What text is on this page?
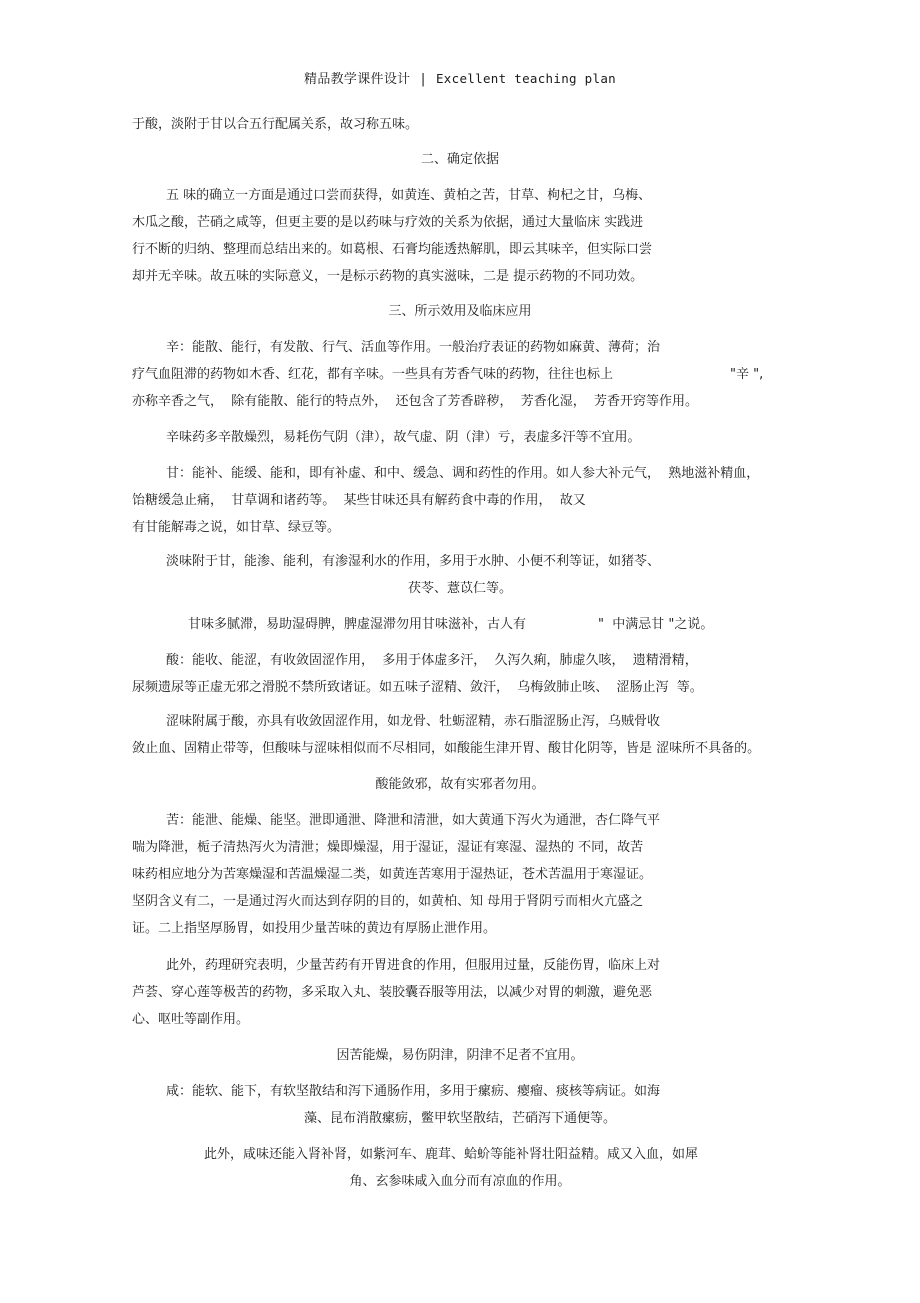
精品教学课件设计 | Excellent teaching plan
于酸，淡附于甘以合五行配属关系，故习称五味。
二、确定依据
五 味的确立一方面是通过口尝而获得，如黄连、黄柏之苦，甘草、枸杞之甘，乌梅、
木瓜之酸，芒硝之咸等，但更主要的是以药味与疗效的关系为依据，通过大量临床 实践进
行不断的归纳、整理而总结出来的。如葛根、石膏均能透热解肌，即云其味辛，但实际口尝
却并无辛味。故五味的实际意义，一是标示药物的真实滋味，二是 提示药物的不同功效。
三、所示效用及临床应用
辛：能散、能行，有发散、行气、活血等作用。一般治疗表证的药物如麻黄、薄荷；治
疗气血阻滞的药物如木香、红花，都有辛味。一些具有芳香气味的药物，往往也标上	"辛 ",
亦称辛香之气，  除有能散、能行的特点外，  还包含了芳香辟秽，  芳香化湿，  芳香开窍等作用。
辛味药多辛散燥烈，易耗伤气阴（津），故气虚、阴（津）亏，表虚多汗等不宜用。
甘：能补、能缓、能和，即有补虚、和中、缓急、调和药性的作用。如人参大补元气，  熟地滋补精血，
饴糖缓急止痛，  甘草调和诸药等。  某些甘味还具有解药食中毒的作用，  故又
有甘能解毒之说，如甘草、绿豆等。
淡味附于甘，能渗、能利，有渗湿利水的作用，多用于水肿、小便不利等证，如猪苓、
茯苓、薏苡仁等。
甘味多腻滞，易助湿碍脾，脾虚湿滞勿用甘味滋补，古人有	"  中满忌甘 "之说。
酸：能收、能涩，有收敛固涩作用，  多用于体虚多汗，  久泻久痢，肺虚久咳，  遗精滑精，
尿频遗尿等正虚无邪之滑脱不禁所致诸证。如五味子涩精、敛汗，  乌梅敛肺止咳、  涩肠止泻  等。
涩味附属于酸，亦具有收敛固涩作用，如龙骨、牡蛎涩精，赤石脂涩肠止泻，乌贼骨收
敛止血、固精止带等，但酸味与涩味相似而不尽相同，如酸能生津开胃、酸甘化阴等，皆是 涩味所不具备的。
酸能敛邪，故有实邪者勿用。
苦：能泄、能燥、能坚。泄即通泄、降泄和清泄，如大黄通下泻火为通泄，杏仁降气平
喘为降泄，栀子清热泻火为清泄；燥即燥湿，用于湿证，湿证有寒湿、湿热的 不同，故苦
味药相应地分为苦寒燥湿和苦温燥湿二类，如黄连苦寒用于湿热证，苍术苦温用于寒湿证。
坚阴含义有二，一是通过泻火而达到存阴的目的，如黄柏、知 母用于肾阴亏而相火亢盛之
证。二上指坚厚肠胃，如投用少量苦味的黄边有厚肠止泄作用。
此外，药理研究表明，少量苦药有开胃进食的作用，但服用过量，反能伤胃，临床上对
芦荟、穿心莲等极苦的药物，多采取入丸、装胶囊吞服等用法，以减少对胃的刺激，避免恶
心、呕吐等副作用。
因苦能燥，易伤阴津，阴津不足者不宜用。
咸：能软、能下，有软坚散结和泻下通肠作用，多用于瘰疬、瘿瘤、痰核等病证。如海
藻、昆布消散瘰疬，鳖甲软坚散结，芒硝泻下通便等。
此外，咸味还能入肾补肾，如紫河车、鹿茸、蛤蚧等能补肾壮阳益精。咸又入血，如犀
角、玄参味咸入血分而有凉血的作用。
